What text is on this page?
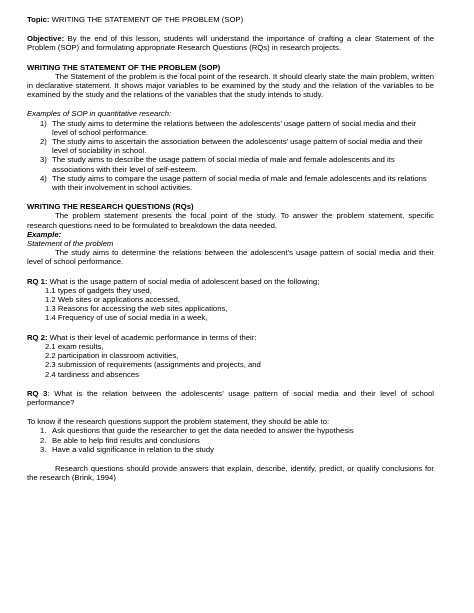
Topic: WRITING THE STATEMENT OF THE PROBLEM (SOP)

Objective: By the end of this lesson, students will understand the importance of crafting a clear Statement of the Problem (SOP) and formulating appropriate Research Questions (RQs) in research projects.

WRITING THE STATEMENT OF THE PROBLEM (SOP)

The Statement of the problem is the focal point of the research. It should clearly state the main problem, written in declarative statement. It shows major variables to be examined by the study and the relation of the variables to be examined by the study and the relations of the variables that the study intends to study.

Examples of SOP in quantitative research:

1) The study aims to determine the relations between the adolescents’ usage pattern of social media and their level of school performance.
2) The study aims to ascertain the association between the adolescents’ usage pattern of social media and their level of sociability in school.
3) The study aims to describe the usage pattern of social media of male and female adolescents and its associations with their level of self-esteem.
4) The study aims to compare the usage pattern of social media of male and female adolescents and its relations with their involvement in school activities.

WRITING THE RESEARCH QUESTIONS (RQs)

The problem statement presents the focal point of the study. To answer the problem statement, specific research questions need to be formulated to breakdown the data needed.

Example:

Statement of the problem

The study aims to determine the relations between the adolescent’s usage pattern of social media and their level of school performance.

RQ 1: What is the usage pattern of social media of adolescent based on the following;

1.1 types of gadgets they used,

1.2 Web sites or applications accessed,

1.3 Reasons for accessing the web sites applications,

1.4 Frequency of use of social media in a week,

RQ 2: What is their level of academic performance in terms of their:

2.1 exam results,

2.2 participation in classroom activities,

2.3 submission of requirements (assignments and projects, and

2.4 tardiness and absences

RQ 3: What is the relation between the adolescents’ usage pattern of social media and their level of school performance?

To know if the research questions support the problem statement, they should be able to:

1. Ask questions that guide the researcher to get the data needed to answer the hypothesis
2. Be able to help find results and conclusions
3. Have a valid significance in relation to the study

Research questions should provide answers that explain, describe, identify, predict, or qualify conclusions for the research (Brink, 1994)
